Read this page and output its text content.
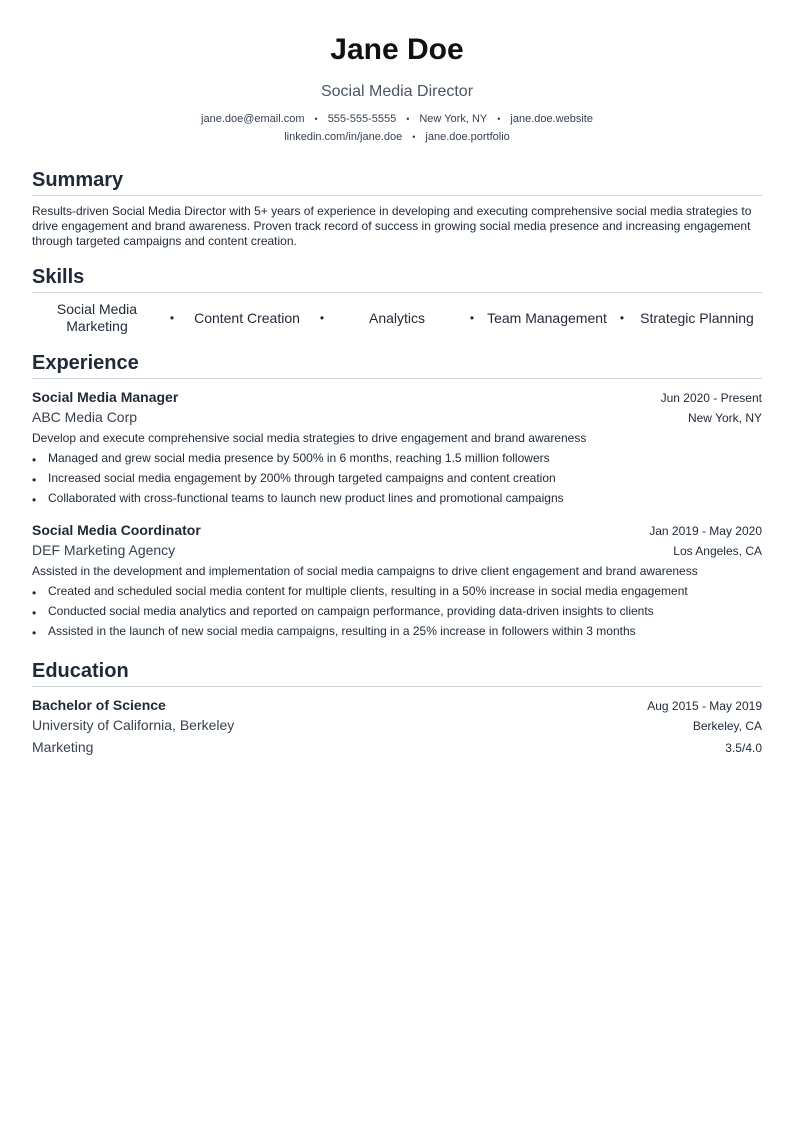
Jane Doe
Social Media Director
jane.doe@email.com • 555-555-5555 • New York, NY • jane.doe.website
linkedin.com/in/jane.doe • jane.doe.portfolio
Summary
Results-driven Social Media Director with 5+ years of experience in developing and executing comprehensive social media strategies to drive engagement and brand awareness. Proven track record of success in growing social media presence and increasing engagement through targeted campaigns and content creation.
Skills
Social Media Marketing	•	Content Creation	•	Analytics	• Team Management	•	Strategic Planning
Experience
Social Media Manager	Jun 2020 - Present
ABC Media Corp	New York, NY
Develop and execute comprehensive social media strategies to drive engagement and brand awareness
• Managed and grew social media presence by 500% in 6 months, reaching 1.5 million followers
• Increased social media engagement by 200% through targeted campaigns and content creation
• Collaborated with cross-functional teams to launch new product lines and promotional campaigns
Social Media Coordinator	Jan 2019 - May 2020
DEF Marketing Agency	Los Angeles, CA
Assisted in the development and implementation of social media campaigns to drive client engagement and brand awareness
• Created and scheduled social media content for multiple clients, resulting in a 50% increase in social media engagement
• Conducted social media analytics and reported on campaign performance, providing data-driven insights to clients
• Assisted in the launch of new social media campaigns, resulting in a 25% increase in followers within 3 months
Education
Bachelor of Science	Aug 2015 - May 2019
University of California, Berkeley	Berkeley, CA
Marketing	3.5/4.0
